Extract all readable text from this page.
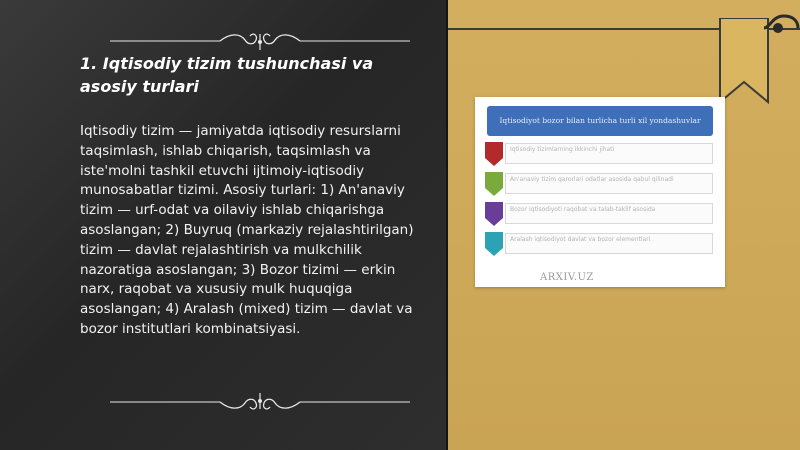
1. Iqtisodiy tizim tushunchasi va asosiy turlari

Iqtisodiy tizim — jamiyatda iqtisodiy resurslarni taqsimlash, ishlab chiqarish, taqsimlash va iste'molni tashkil etuvchi ijtimoiy-iqtisodiy munosabatlar tizimi. Asosiy turlari: 1) An'anaviy tizim — urf-odat va oilaviy ishlab chiqarishga asoslangan; 2) Buyruq (markaziy rejalashtirilgan) tizim — davlat rejalashtirish va mulkchilik nazoratiga asoslangan; 3) Bozor tizimi — erkin narx, raqobat va xususiy mulk huquqiga asoslangan; 4) Aralash (mixed) tizim — davlat va bozor institutlari kombinatsiyasi.

Iqtisodiyot bozor bilan turlicha turli xil yondashuvlar
Iqtisodiy tizimlarning ikkinchi jihati
An'anaviy tizim qarorlari odatlar asosida qabul qilinadi
Bozor iqtisodiyoti raqobat va talab-taklif asosida
Aralash iqtisodiyot davlat va bozor elementlari
ARXIV.UZ
